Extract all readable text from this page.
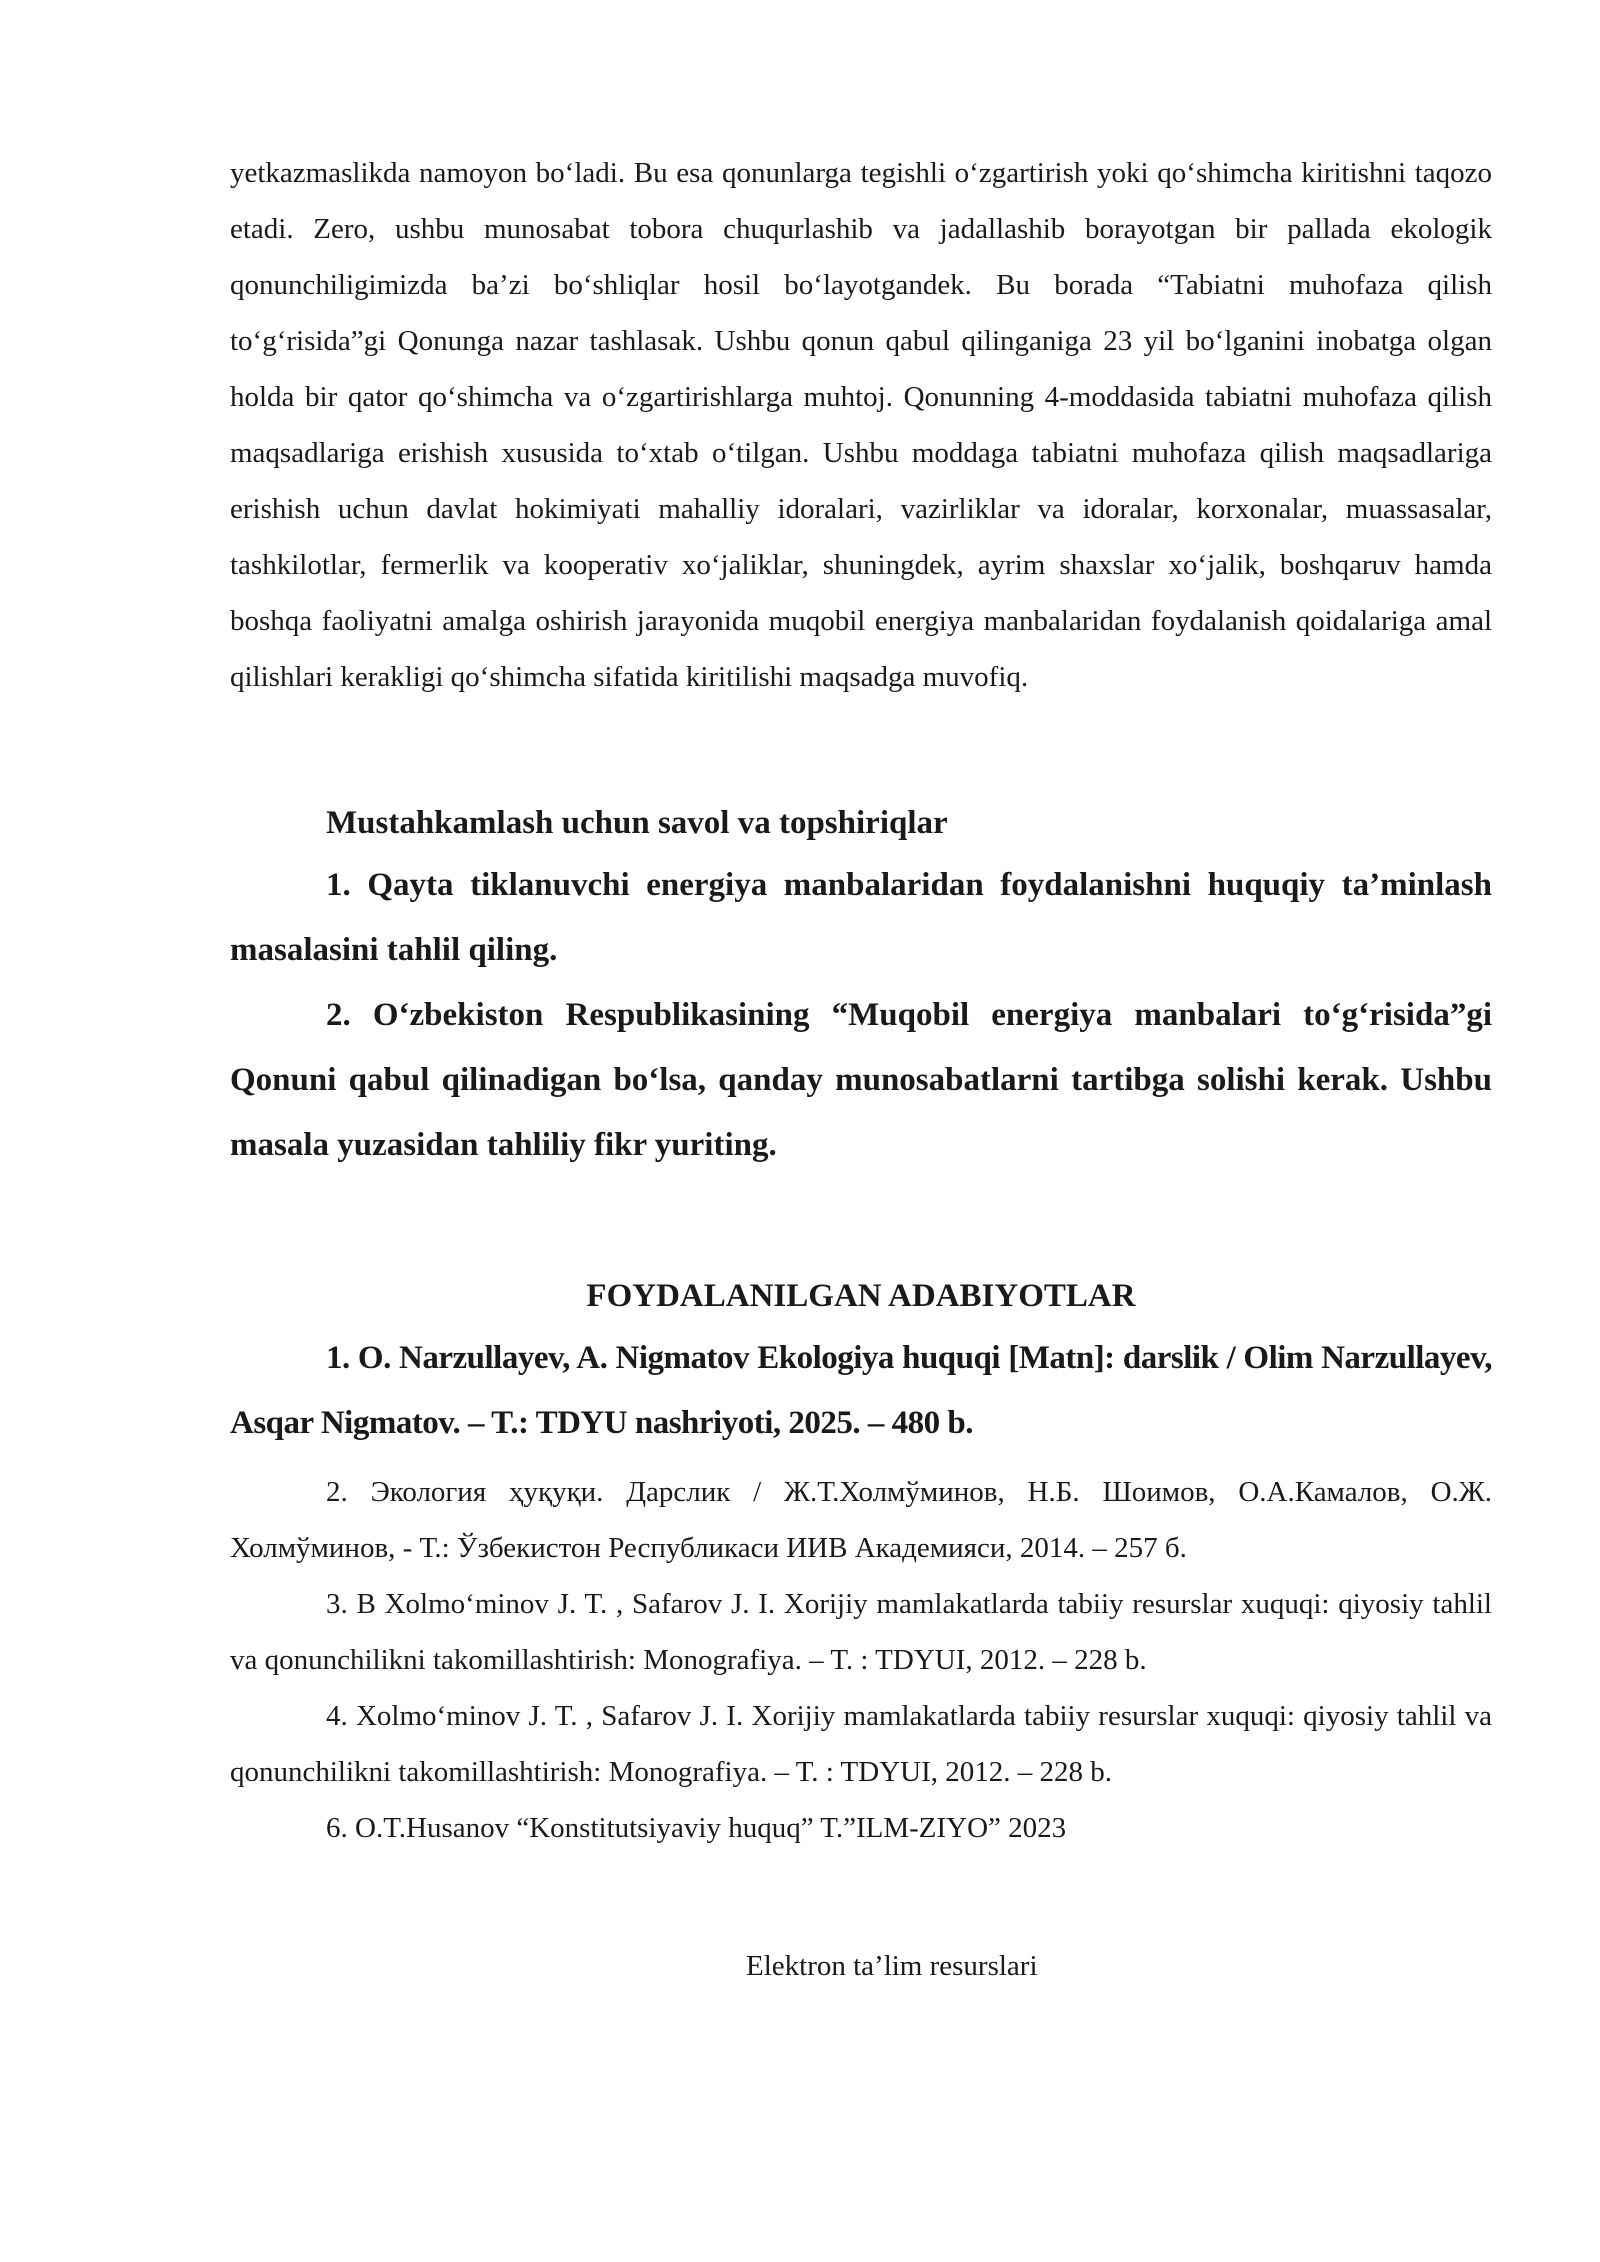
yetkazmaslikda namoyon bo‘ladi. Bu esa qonunlarga tegishli o‘zgartirish yoki qo‘shimcha kiritishni taqozo etadi. Zero, ushbu munosabat tobora chuqurlashib va jadallashib borayotgan bir pallada ekologik qonunchiligimizda ba’zi bo‘shliqlar hosil bo‘layotgandek. Bu borada “Tabiatni muhofaza qilish to‘g‘risida”gi Qonunga nazar tashlasak. Ushbu qonun qabul qilinganiga 23 yil bo‘lganini inobatga olgan holda bir qator qo‘shimcha va o‘zgartirishlarga muhtoj. Qonunning 4-moddasida tabiatni muhofaza qilish maqsadlariga erishish xususida to‘xtab o‘tilgan. Ushbu moddaga tabiatni muhofaza qilish maqsadlariga erishish uchun davlat hokimiyati mahalliy idoralari, vazirliklar va idoralar, korxonalar, muassasalar, tashkilotlar, fermerlik va kooperativ xo‘jaliklar, shuningdek, ayrim shaxslar xo‘jalik, boshqaruv hamda boshqa faoliyatni amalga oshirish jarayonida muqobil energiya manbalaridan foydalanish qoidalariga amal qilishlari kerakligi qo‘shimcha sifatida kiritilishi maqsadga muvofiq.

Mustahkamlash uchun savol va topshiriqlar

1. Qayta tiklanuvchi energiya manbalaridan foydalanishni huquqiy ta’minlash masalasini tahlil qiling.

2. O‘zbekiston Respublikasining “Muqobil energiya manbalari to‘g‘risida”gi Qonuni qabul qilinadigan bo‘lsa, qanday munosabatlarni tartibga solishi kerak. Ushbu masala yuzasidan tahliliy fikr yuriting.

FOYDALANILGAN ADABIYOTLAR

1. O. Narzullayev, A. Nigmatov Ekologiya huquqi [Matn]: darslik / Olim Narzullayev, Asqar Nigmatov. – T.: TDYU nashriyoti, 2025. – 480 b.

2. Экология ҳуқуқи. Дарслик / Ж.Т.Холмўминов, Н.Б. Шоимов, О.А.Камалов, О.Ж. Холмўминов, - Т.: Ўзбекистон Республикаси ИИВ Академияси, 2014. – 257 б.

3. В Xolmo‘minov J. T. , Safarov J. I. Xorijiy mamlakatlarda tabiiy resurslar xuquqi: qiyosiy tahlil va qonunchilikni takomillashtirish: Monografiya. – T. : TDYUI, 2012. – 228 b.

4. Xolmo‘minov J. T. , Safarov J. I. Xorijiy mamlakatlarda tabiiy resurslar xuquqi: qiyosiy tahlil va qonunchilikni takomillashtirish: Monografiya. – T. : TDYUI, 2012. – 228 b.

6. O.T.Husanov “Konstitutsiyaviy huquq” T.”ILM-ZIYO” 2023

Elektron ta’lim resurslari
